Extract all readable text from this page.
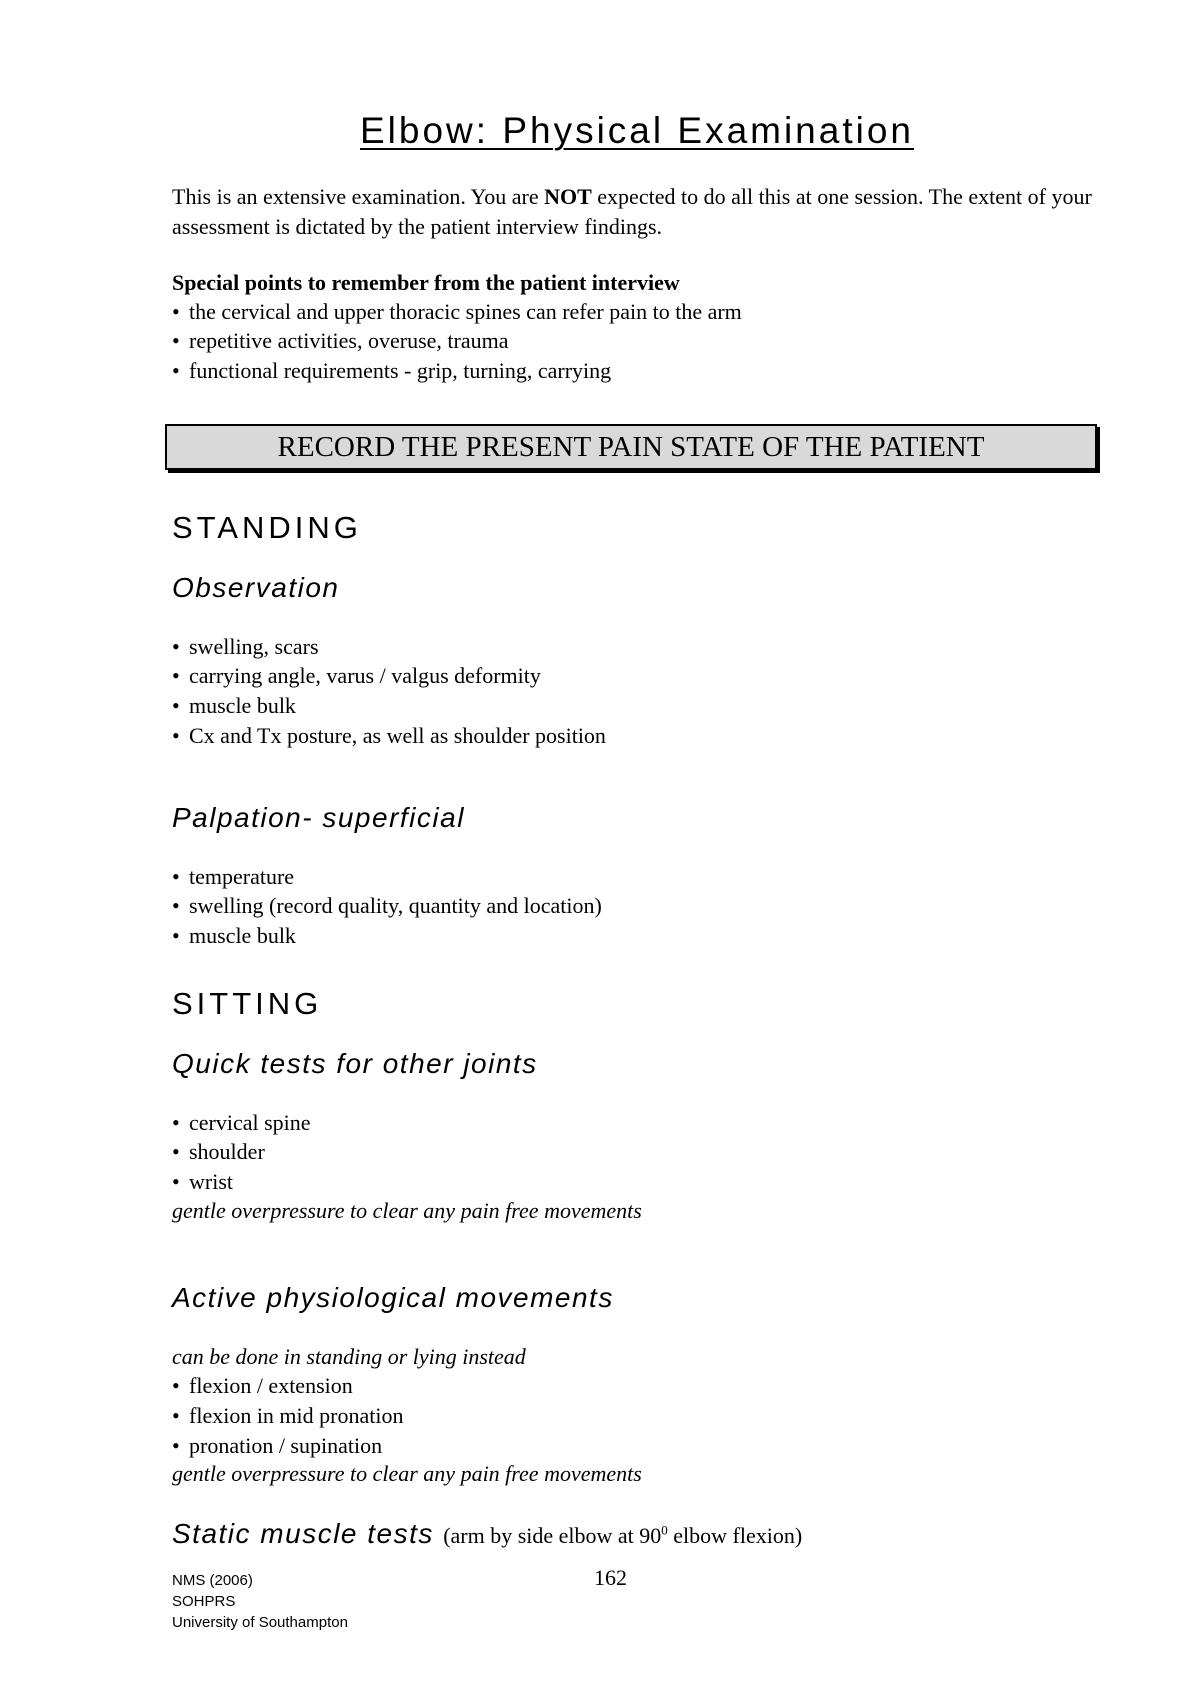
Elbow: Physical Examination

This is an extensive examination. You are NOT expected to do all this at one session. The extent of your assessment is dictated by the patient interview findings.

Special points to remember from the patient interview

• the cervical and upper thoracic spines can refer pain to the arm

• repetitive activities, overuse, trauma

• functional requirements - grip, turning, carrying

RECORD THE PRESENT PAIN STATE OF THE PATIENT
STANDING
Observation

• swelling, scars

• carrying angle, varus / valgus deformity

• muscle bulk

• Cx and Tx posture, as well as shoulder position

Palpation- superficial

• temperature

• swelling (record quality, quantity and location)

• muscle bulk

SITTING
Quick tests for other joints

• cervical spine

• shoulder

• wrist

gentle overpressure to clear any pain free movements

Active physiological movements

can be done in standing or lying instead

• flexion / extension

• flexion in mid pronation

• pronation / supination

gentle overpressure to clear any pain free movements

Static muscle tests (arm by side elbow at $90^0$ elbow flexion)
162

NMS (2006)

SOHPRS

University of Southampton
